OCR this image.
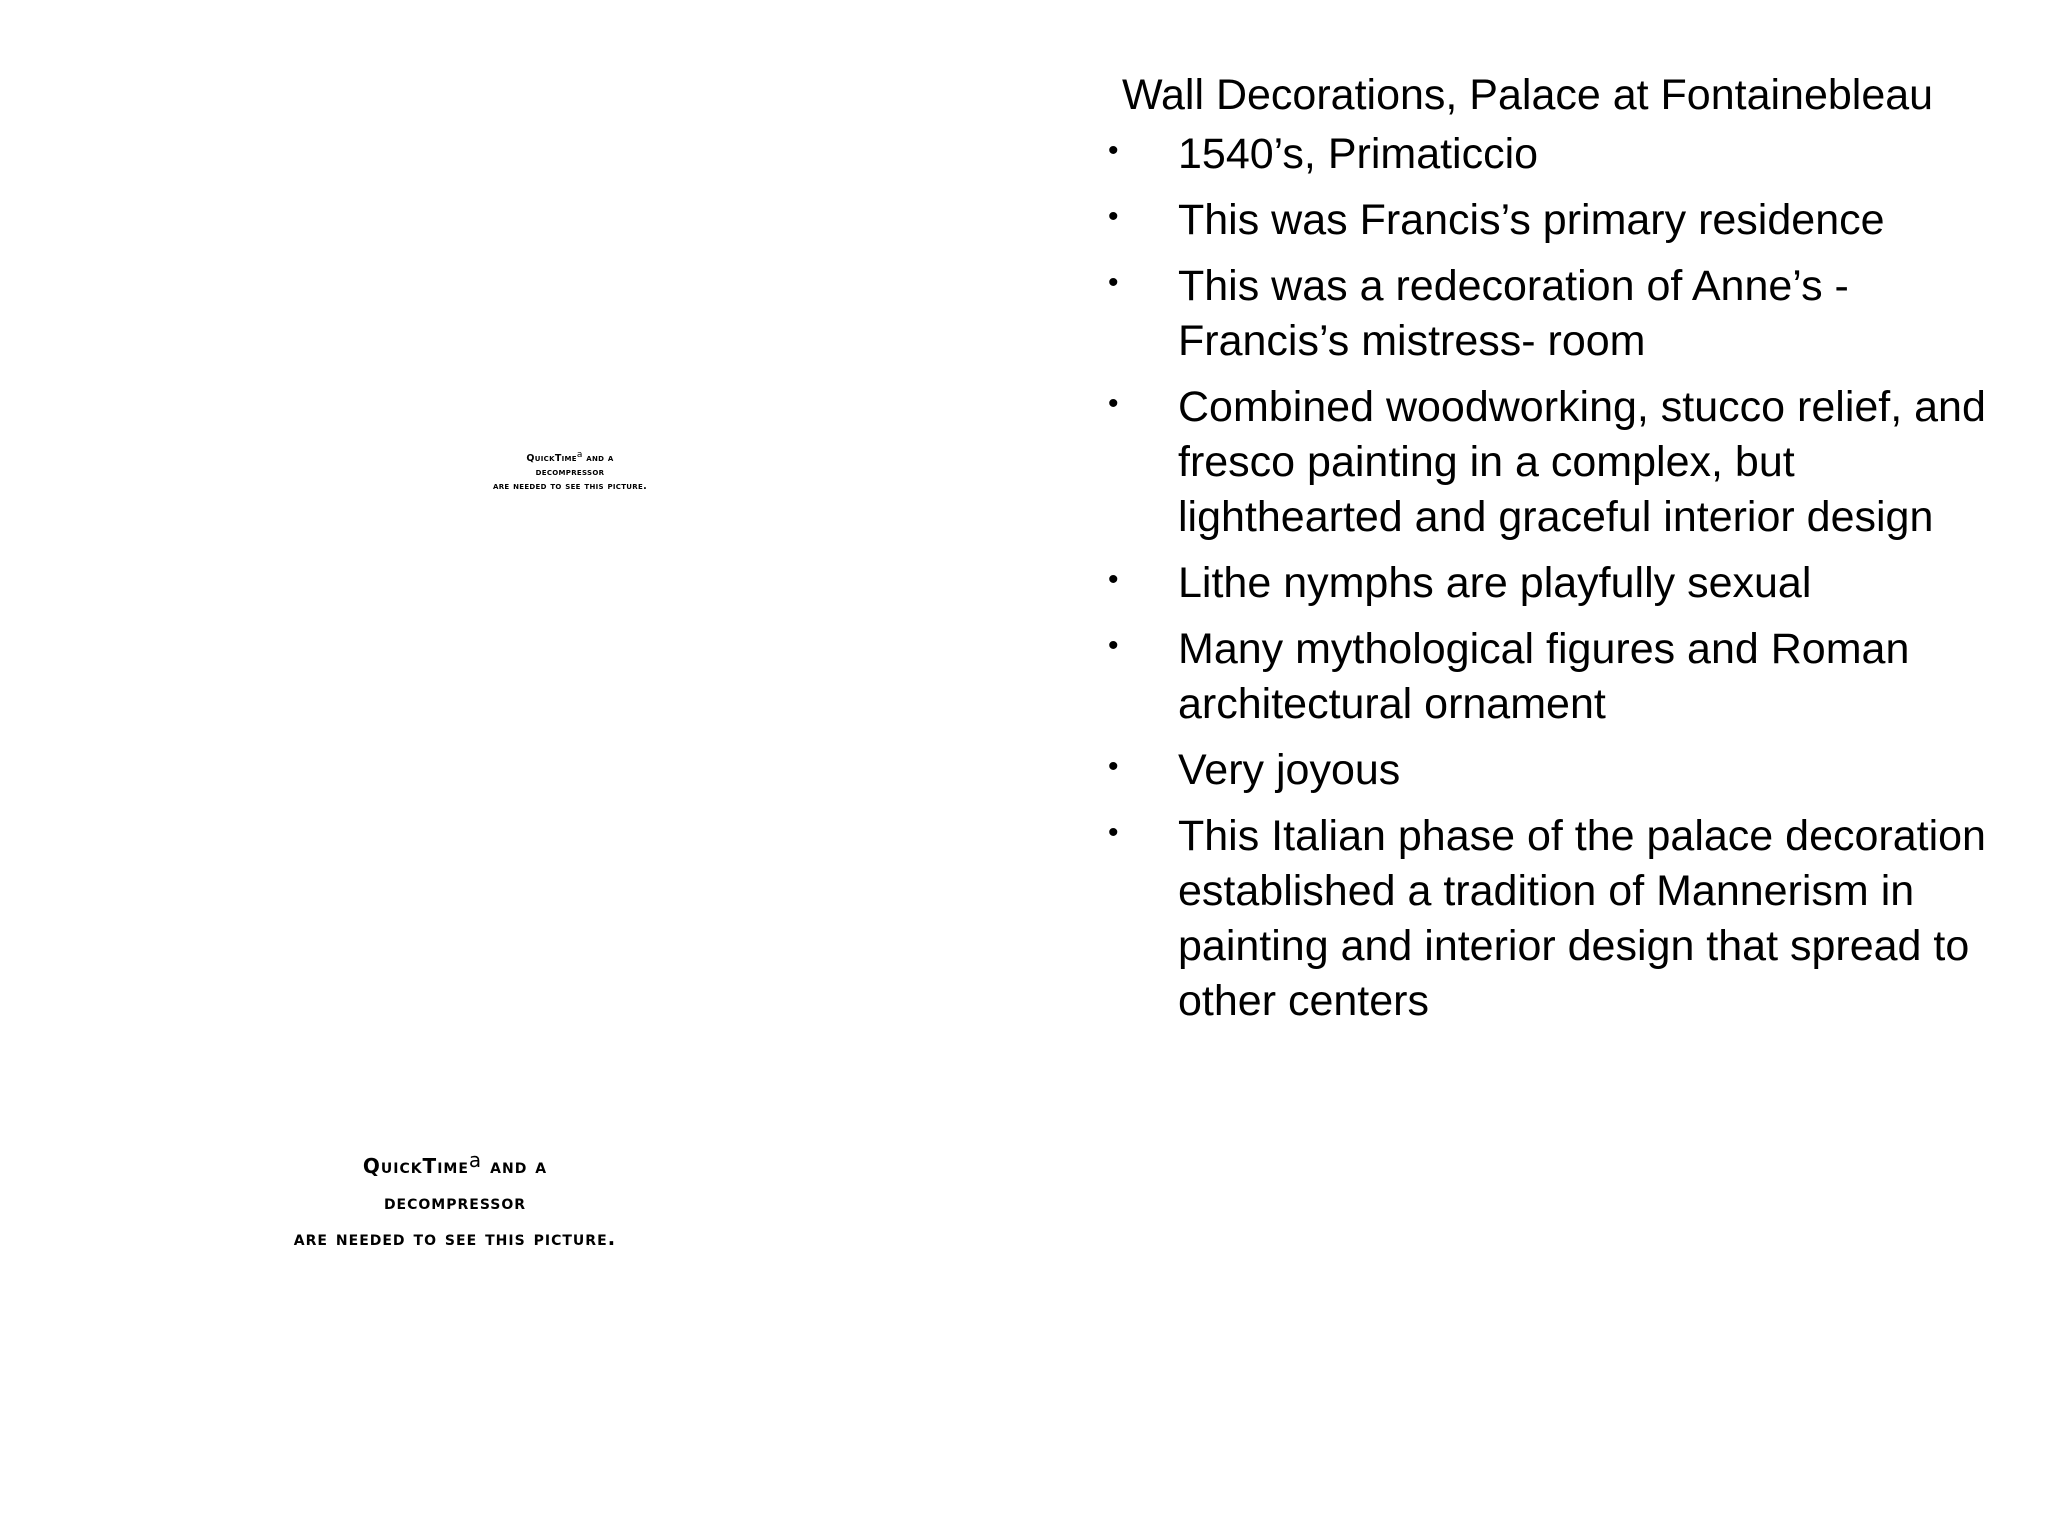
QuickTime$^a$ and a
decompressor
are needed to see this picture.
QuickTime$^a$ and a
decompressor
are needed to see this picture.
Wall Decorations, Palace at Fontainebleau
•	1540’s, Primaticcio
•	This was Francis’s primary residence
•	This was a redecoration of Anne’s - Francis’s mistress- room
•	Combined woodworking, stucco relief, and fresco painting in a complex, but lighthearted and graceful interior design
•	Lithe nymphs are playfully sexual
•	Many mythological figures and Roman architectural ornament
•	Very joyous
•	This Italian phase of the palace decoration established a tradition of Mannerism in painting and interior design that spread to other centers
